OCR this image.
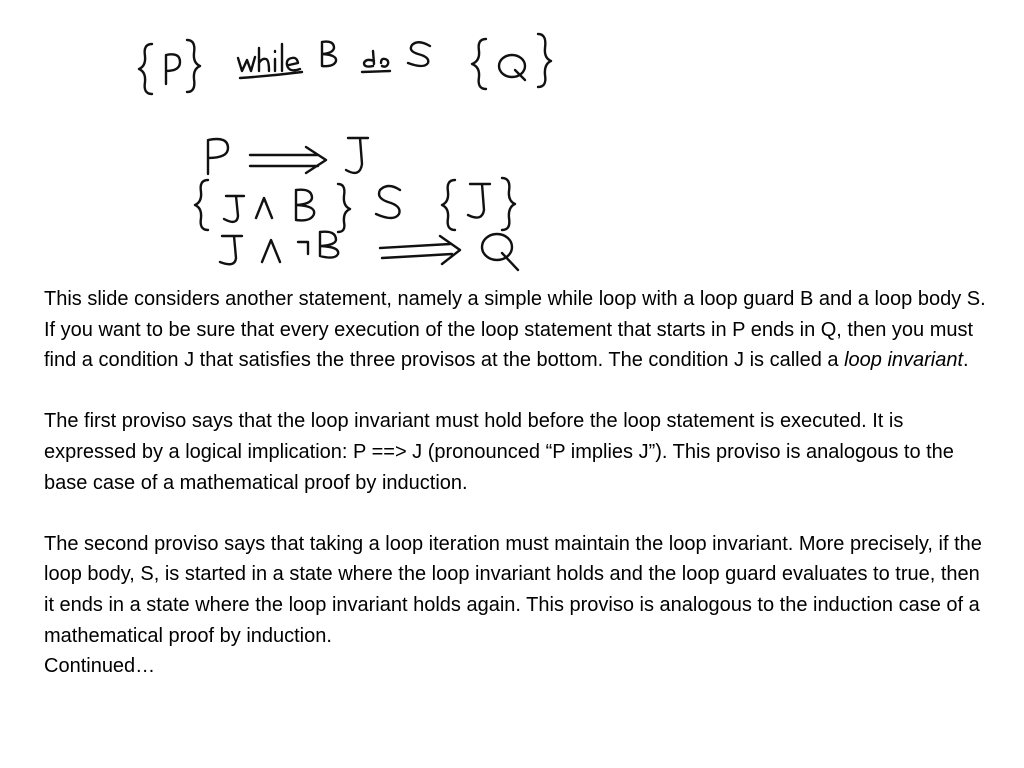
This slide considers another statement, namely a simple while loop with a loop guard B and a loop body S. If you want to be sure that every execution of the loop statement that starts in P ends in Q, then you must find a condition J that satisfies the three provisos at the bottom. The condition J is called a loop invariant.

The first proviso says that the loop invariant must hold before the loop statement is executed. It is expressed by a logical implication: P ==> J (pronounced “P implies J”). This proviso is analogous to the base case of a mathematical proof by induction.

The second proviso says that taking a loop iteration must maintain the loop invariant. More precisely, if the loop body, S, is started in a state where the loop invariant holds and the loop guard evaluates to true, then it ends in a state where the loop invariant holds again. This proviso is analogous to the induction case of a mathematical proof by induction.

Continued…
